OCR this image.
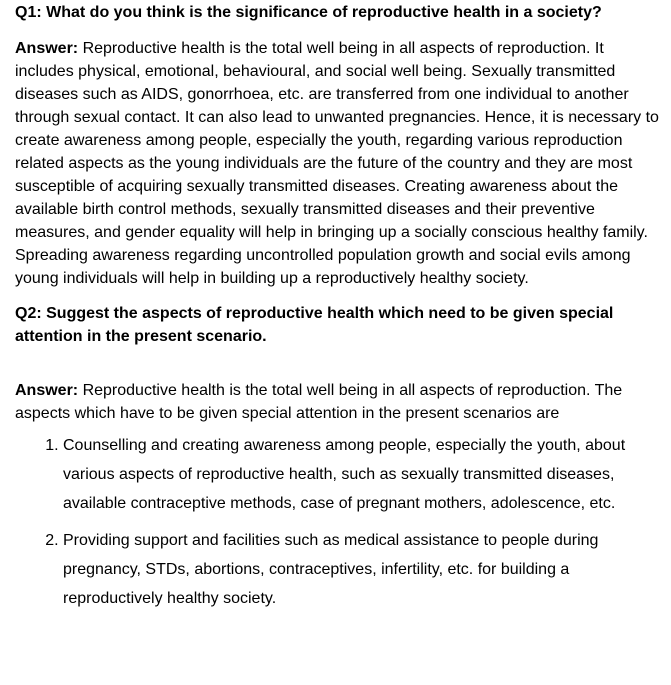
Q1: What do you think is the significance of reproductive health in a society?

Answer: Reproductive health is the total well being in all aspects of reproduction. It includes physical, emotional, behavioural, and social well being. Sexually transmitted diseases such as AIDS, gonorrhoea, etc. are transferred from one individual to another through sexual contact. It can also lead to unwanted pregnancies. Hence, it is necessary to create awareness among people, especially the youth, regarding various reproduction related aspects as the young individuals are the future of the country and they are most susceptible of acquiring sexually transmitted diseases. Creating awareness about the available birth control methods, sexually transmitted diseases and their preventive measures, and gender equality will help in bringing up a socially conscious healthy family. Spreading awareness regarding uncontrolled population growth and social evils among young individuals will help in building up a reproductively healthy society.

Q2: Suggest the aspects of reproductive health which need to be given special attention in the present scenario.

Answer: Reproductive health is the total well being in all aspects of reproduction. The aspects which have to be given special attention in the present scenarios are

1. Counselling and creating awareness among people, especially the youth, about various aspects of reproductive health, such as sexually transmitted diseases, available contraceptive methods, case of pregnant mothers, adolescence, etc.
2. Providing support and facilities such as medical assistance to people during pregnancy, STDs, abortions, contraceptives, infertility, etc. for building a reproductively healthy society.
